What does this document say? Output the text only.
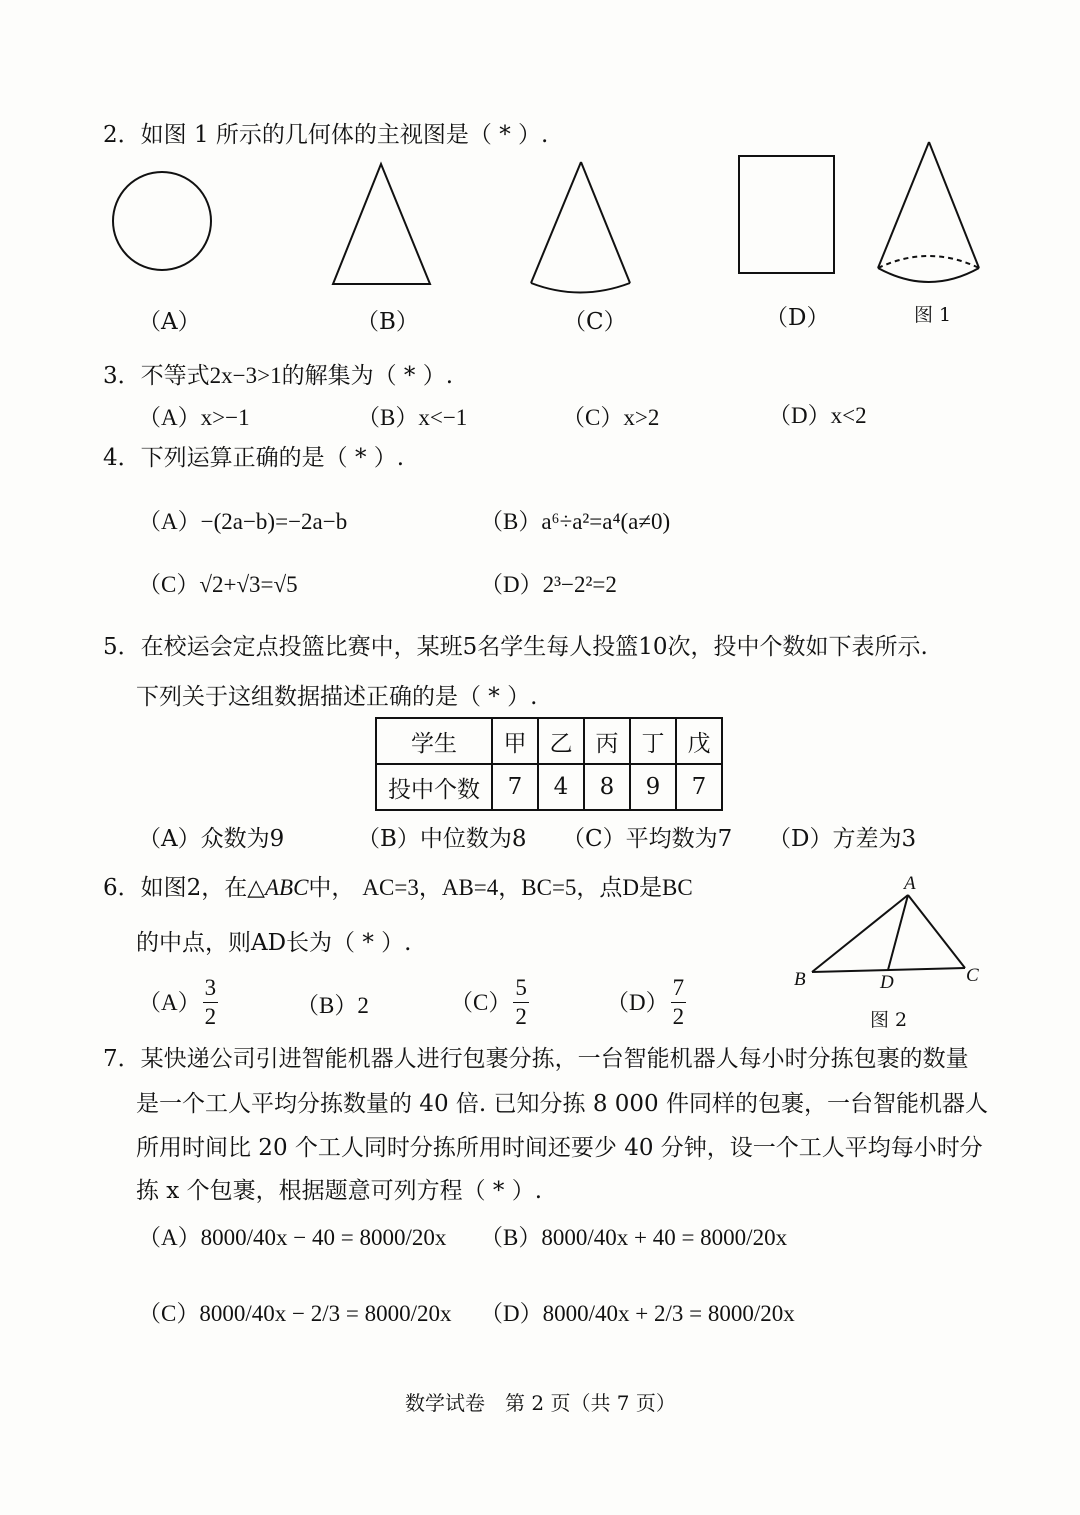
2．如图 1 所示的几何体的主视图是（ * ）.
（A）	（B）	（C）	（D）	图 1
3．不等式2x−3>1的解集为（ * ）.
（A）x>−1	（B）x<−1	（C）x>2	（D）x<2
4．下列运算正确的是（ * ）.
（A）−(2a−b)=−2a−b	（B）a⁶÷a²=a⁴(a≠0)
（C）√2+√3=√5	（D）2³−2²=2
5．在校运会定点投篮比赛中，某班5名学生每人投篮10次，投中个数如下表所示.
下列关于这组数据描述正确的是（ * ）.
学生	甲	乙	丙	丁	戊
投中个数	7	4	8	9	7
（A）众数为9	（B）中位数为8 （C）平均数为7 （D）方差为3
6．如图2，在△ABC中， AC=3，AB=4，BC=5，点D是BC
的中点，则AD长为（ * ）.
$(A) \frac{3}{2}$	（B）2	$(C) \frac{5}{2}$	$(D) \frac{7}{2}$
A
B	C
D
图 2
7．某快递公司引进智能机器人进行包裹分拣，一台智能机器人每小时分拣包裹的数量
是一个工人平均分拣数量的 40 倍. 已知分拣 8 000 件同样的包裹，一台智能机器人
所用时间比 20 个工人同时分拣所用时间还要少 40 分钟，设一个工人平均每小时分
拣 x 个包裹，根据题意可列方程（ * ）.
（A）8000/40x − 40 = 8000/20x （B）8000/40x + 40 = 8000/20x
（C）8000/40x − 2/3 = 8000/20x （D）8000/40x + 2/3 = 8000/20x
数学试卷　第 2 页（共 7 页）
